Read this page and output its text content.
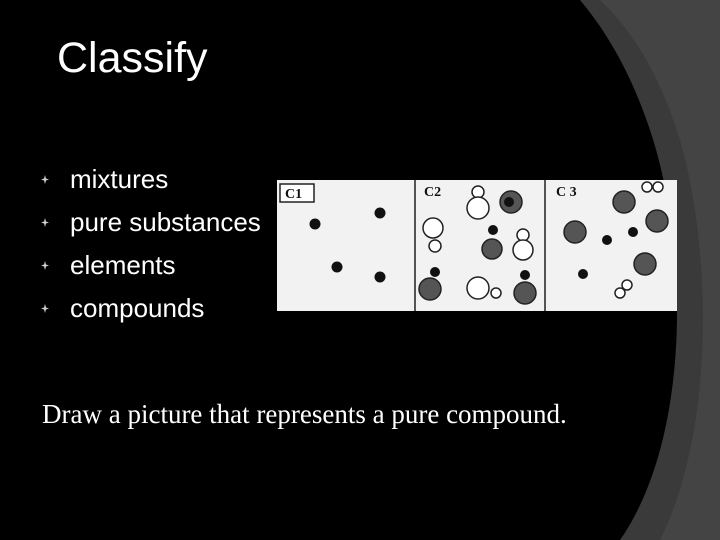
Classify
mixtures
pure substances
elements
compounds
C1	C2	C 3
Draw a picture that represents a pure compound.
